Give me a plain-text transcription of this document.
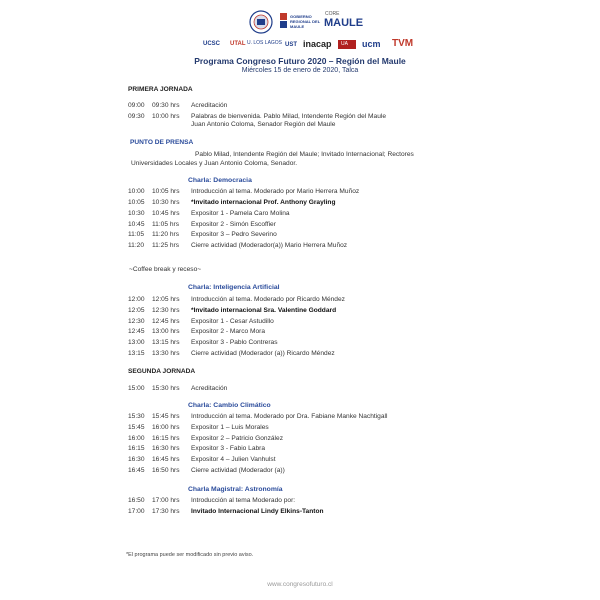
GOBIERNO REGIONAL DEL MAULE
CORE
MAULE
UCSC UTAL U. LOS LAGOS UST inacap UA ucm TVM
Programa Congreso Futuro 2020 – Región del Maule
Miércoles 15 de enero de 2020, Talca
PRIMERA JORNADA
09:00	09:30 hrs	Acreditación
09:30	10:00 hrs	Palabras de bienvenida. Pablo Milad, Intendente Región del Maule
Juan Antonio Coloma, Senador Región del Maule
PUNTO DE PRENSA
Pablo Milad, Intendente Región del Maule; Invitado Internacional; Rectores
Universidades Locales y Juan Antonio Coloma, Senador.
Charla: Democracia
10:00	10:05 hrs	Introducción al tema. Moderado por Mario Herrera Muñoz
10:05	10:30 hrs	*Invitado internacional Prof. Anthony Grayling
10:30	10:45 hrs	Expositor 1 - Pamela Caro Molina
10:45	11:05 hrs	Expositor 2 - Simón Escoffier
11:05	11:20 hrs	Expositor 3 – Pedro Severino
11:20	11:25 hrs	Cierre actividad (Moderador(a)) Mario Herrera Muñoz
~Coffee break y receso~
Charla: Inteligencia Artificial
12:00	12:05 hrs	Introducción al tema. Moderado por Ricardo Méndez
12:05	12:30 hrs	*Invitado internacional Sra. Valentine Goddard
12:30	12:45 hrs	Expositor 1 - Cesar Astudillo
12:45	13:00 hrs	Expositor 2 - Marco Mora
13:00	13:15 hrs	Expositor 3 - Pablo Contreras
13:15	13:30 hrs	Cierre actividad (Moderador (a)) Ricardo Méndez
SEGUNDA JORNADA
15:00	15:30 hrs	Acreditación
Charla: Cambio Climático
15:30	15:45 hrs	Introducción al tema. Moderado por Dra. Fabiane Manke Nachtigall
15:45	16:00 hrs	Expositor 1 – Luis Morales
16:00	16:15 hrs	Expositor 2 – Patricio González
16:15	16:30 hrs	Expositor 3 - Fabio Labra
16:30	16:45 hrs	Expositor 4 – Julien Vanhulst
16:45	16:50 hrs	Cierre actividad (Moderador (a))
Charla Magistral: Astronomía
16:50	17:00 hrs	Introducción al tema Moderado por:
17:00	17:30 hrs	Invitado Internacional Lindy Elkins-Tanton
*El programa puede ser modificado sin previo aviso.
www.congresofuturo.cl
